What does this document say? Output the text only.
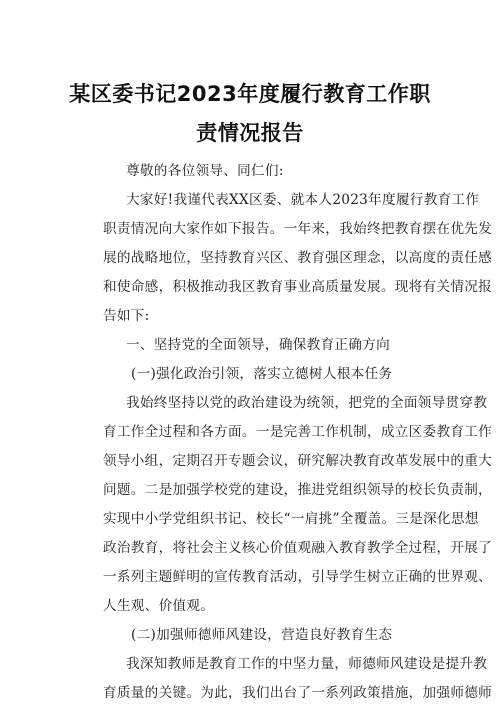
某区委书记2023年度履行教育工作职
责情况报告
尊敬的各位领导、同仁们:
大家好!我谨代表XX区委、就本人2023年度履行教育工作
职责情况向大家作如下报告。一年来，我始终把教育摆在优先发
展的战略地位，坚持教育兴区、教育强区理念，以高度的责任感
和使命感，积极推动我区教育事业高质量发展。现将有关情况报
告如下:
一、坚持党的全面领导，确保教育正确方向
(一)强化政治引领，落实立德树人根本任务
我始终坚持以党的政治建设为统领，把党的全面领导贯穿教
育工作全过程和各方面。一是完善工作机制，成立区委教育工作
领导小组，定期召开专题会议，研究解决教育改革发展中的重大
问题。二是加强学校党的建设，推进党组织领导的校长负责制，
实现中小学党组织书记、校长“一肩挑”全覆盖。三是深化思想
政治教育，将社会主义核心价值观融入教育教学全过程，开展了
一系列主题鲜明的宣传教育活动，引导学生树立正确的世界观、
人生观、价值观。
(二)加强师德师风建设，营造良好教育生态
我深知教师是教育工作的中坚力量，师德师风建设是提升教
育质量的关键。为此，我们出台了一系列政策措施，加强师德师
